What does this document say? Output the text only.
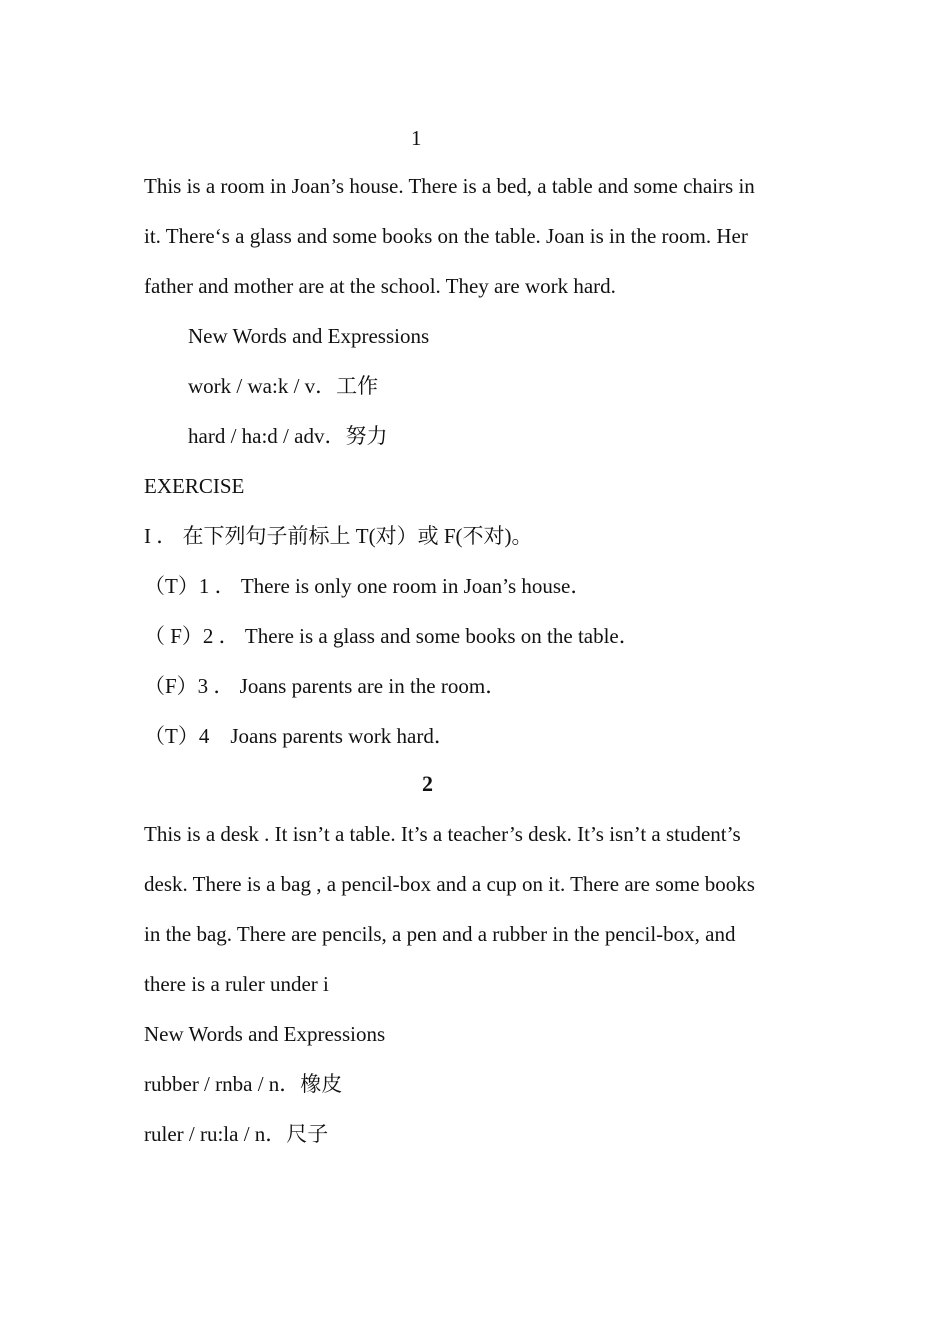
1
This is a room in Joan’s house. There is a bed, a table and some chairs in
it. There‘s a glass and some books on the table. Joan is in the room. Her
father and mother are at the school. They are work hard.
New Words and Expressions
work / wa:k / v．工作
hard / ha:d / adv．努力
EXERCISE
I ． 在下列句子前标上 T(对）或 F(不对)。
（T）1 ． There is only one room in Joan’s house．
（ F）2 ． There is a glass and some books on the table．
（F）3 ． Joans parents are in the room．
（T）4　Joans parents work hard．
2
This is a desk . It isn’t a table. It’s a teacher’s desk. It’s isn’t a student’s
desk. There is a bag , a pencil-box and a cup on it. There are some books
in the bag. There are pencils, a pen and a rubber in the pencil-box, and
there is a ruler under i
New Words and Expressions
rubber / rnba / n．橡皮
ruler / ru:la / n．尺子
